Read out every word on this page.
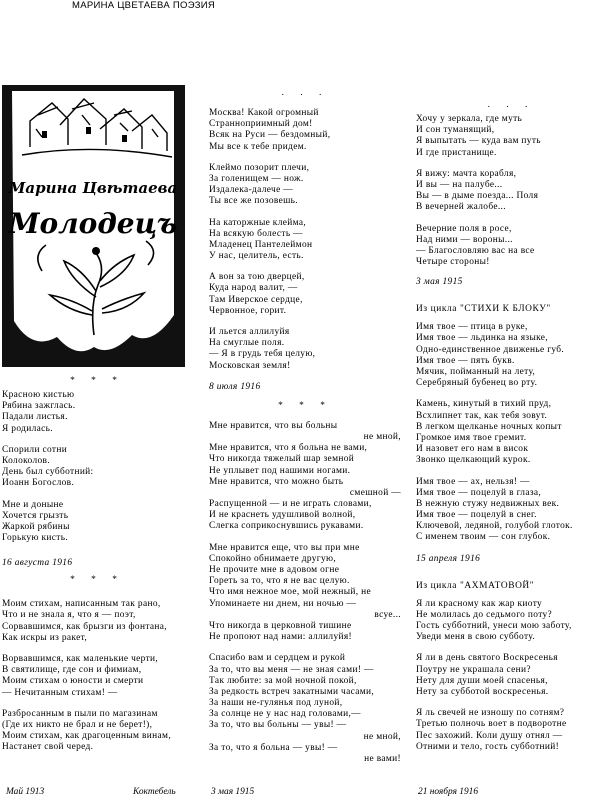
МАРИНА ЦВЕТАЕВА ПОЭЗИЯ
Марина Цвѣтаева
Молодецъ
* * *
Красною кистью
Рябина зажглась.
Падали листья.
Я родилась.
Спорили сотни
Колоколов.
День был субботний:
Иоанн Богослов.
Мне и доныне
Хочется грызть
Жаркой рябины
Горькую кисть.
16 августа 1916
* * *
Моим стихам, написанным так рано,
Что и не знала я, что я — поэт,
Сорвавшимся, как брызги из фонтана,
Как искры из ракет,
Ворвавшимся, как маленькие черти,
В святилище, где сон и фимиам,
Моим стихам о юности и смерти
— Нечитанным стихам! —
Разбросанным в пыли по магазинам
(Где их никто не брал и не берет!),
Моим стихам, как драгоценным винам,
Настанет свой черед.
Май 1913	Коктебель
. . .
Москва! Какой огромный
Странноприимный дом!
Всяк на Руси — бездомный,
Мы все к тебе придем.
Клеймо позорит плечи,
За голенищем — нож.
Издалека-далече —
Ты все же позовешь.
На каторжные клейма,
На всякую болесть —
Младенец Пантелеймон
У нас, целитель, есть.
А вон за тою дверцей,
Куда народ валит, —
Там Иверское сердце,
Червонное, горит.
И льется аллилуйя
На смуглые поля.
— Я в грудь тебя целую,
Московская земля!
8 июля 1916
* * *
Мне нравится, что вы больны
не мной,
Мне нравится, что я больна не вами,
Что никогда тяжелый шар земной
Не уплывет под нашими ногами.
Мне нравится, что можно быть
смешной —
Распущенной — и не играть словами,
И не краснеть удушливой волной,
Слегка соприкоснувшись рукавами.
Мне нравится еще, что вы при мне
Спокойно обнимаете другую,
Не прочите мне в адовом огне
Гореть за то, что я не вас целую.
Что имя нежное мое, мой нежный, не
Упоминаете ни днем, ни ночью —
всуе...
Что никогда в церковной тишине
Не пропоют над нами: аллилуйя!
Спасибо вам и сердцем и рукой
За то, что вы меня — не зная сами! —
Так любите: за мой ночной покой,
За редкость встреч закатными часами,
За наши не-гулянья под луной,
За солнце не у нас над головами,—
За то, что вы больны — увы! —
не мной,
За то, что я больна — увы! —
не вами!
3 мая 1915
. . .
Хочу у зеркала, где муть
И сон туманящий,
Я выпытать — куда вам путь
И где пристанище.
Я вижу: мачта корабля,
И вы — на палубе...
Вы — в дыме поезда... Поля
В вечерней жалобе...
Вечерние поля в росе,
Над ними — вороны...
— Благословляю вас на все
Четыре стороны!
3 мая 1915
Из цикла "СТИХИ К БЛОКУ"
Имя твое — птица в руке,
Имя твое — льдинка на языке,
Одно-единственное движенье губ.
Имя твое — пять букв.
Мячик, пойманный на лету,
Серебряный бубенец во рту.
Камень, кинутый в тихий пруд,
Всхлипнет так, как тебя зовут.
В легком щелканье ночных копыт
Громкое имя твое гремит.
И назовет его нам в висок
Звонко щелкающий курок.
Имя твое — ах, нельзя! —
Имя твое — поцелуй в глаза,
В нежную стужу недвижных век.
Имя твое — поцелуй в снег.
Ключевой, ледяной, голубой глоток.
С именем твоим — сон глубок.
15 апреля 1916
Из цикла "АХМАТОВОЙ"
Я ли красному как жар киоту
Не молилась до седьмого поту?
Гость субботний, унеси мою заботу,
Уведи меня в свою субботу.
Я ли в день святого Воскресенья
Поутру не украшала сени?
Нету для души моей спасенья,
Нету за субботой воскресенья.
Я ль свечей не изношу по сотням?
Третью полночь воет в подворотне
Пес захожий. Коли душу отнял —
Отними и тело, гость субботний!
21 ноября 1916
